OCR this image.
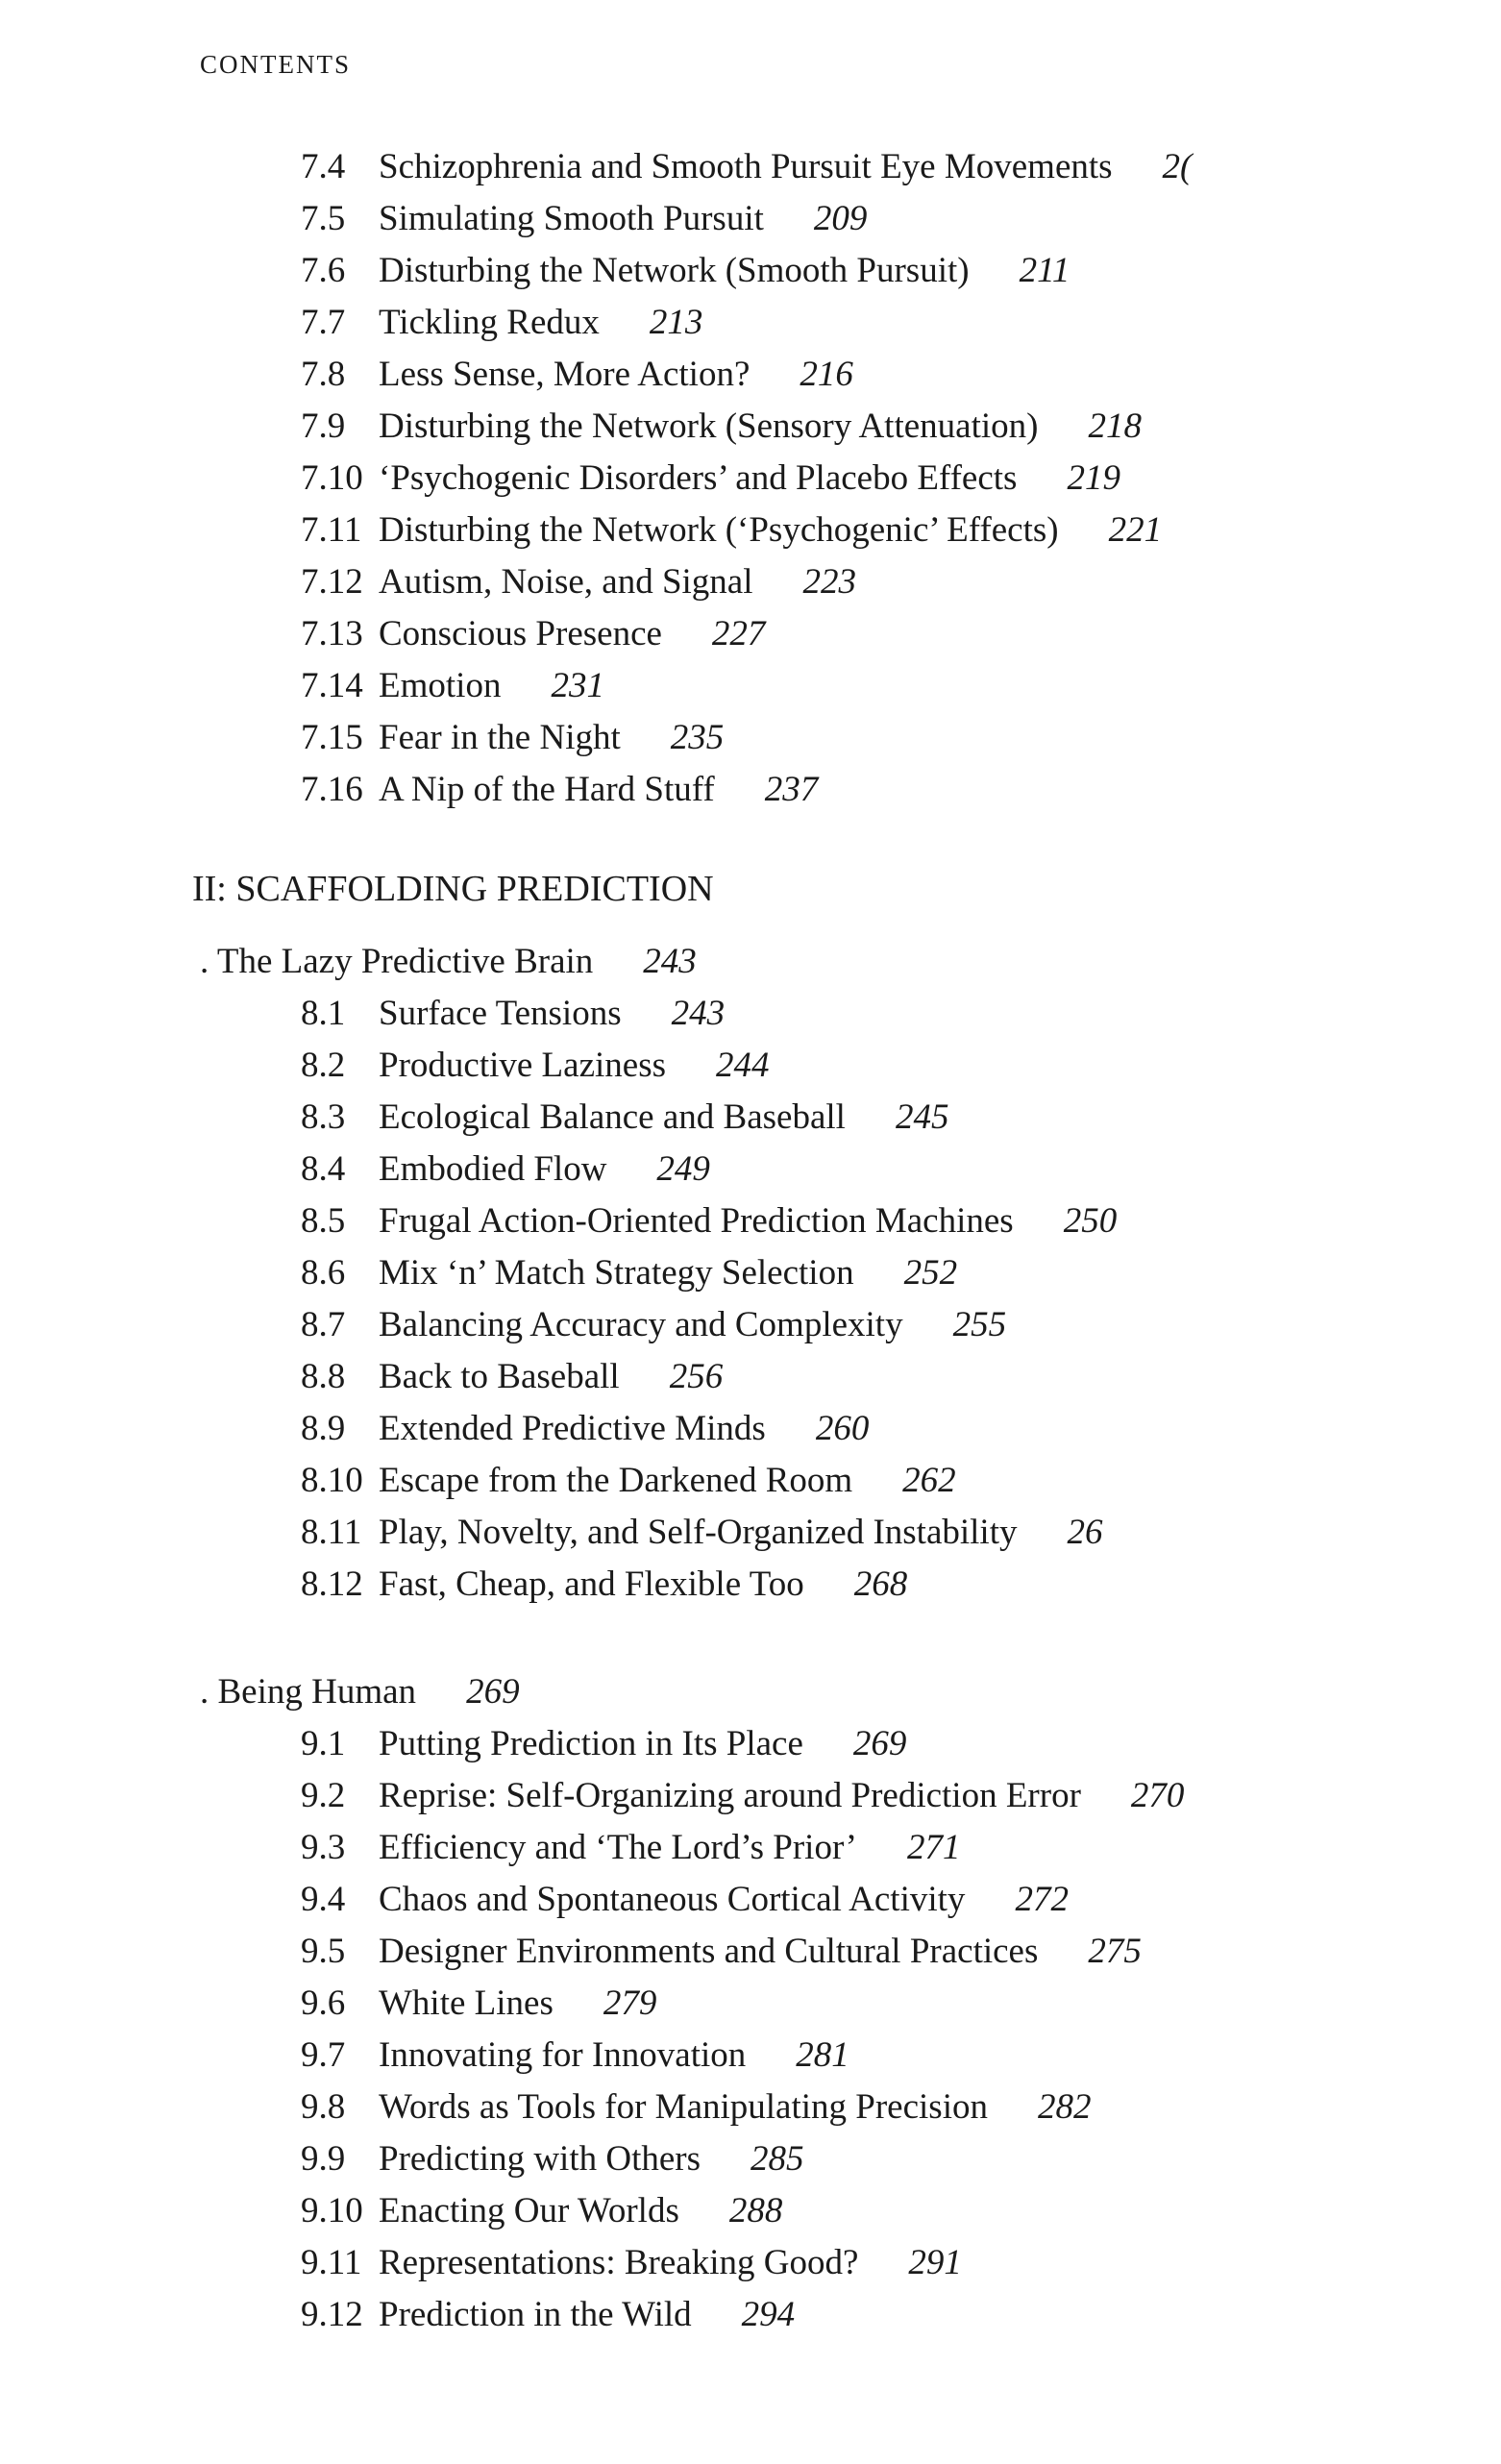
CONTENTS
7.4 Schizophrenia and Smooth Pursuit Eye Movements 2(
7.5 Simulating Smooth Pursuit 209
7.6 Disturbing the Network (Smooth Pursuit) 211
7.7 Tickling Redux 213
7.8 Less Sense, More Action? 216
7.9 Disturbing the Network (Sensory Attenuation) 218
7.10 ‘Psychogenic Disorders’ and Placebo Effects 219
7.11 Disturbing the Network (‘Psychogenic’ Effects) 221
7.12 Autism, Noise, and Signal 223
7.13 Conscious Presence 227
7.14 Emotion 231
7.15 Fear in the Night 235
7.16 A Nip of the Hard Stuff 237
II: SCAFFOLDING PREDICTION
. The Lazy Predictive Brain 243
8.1 Surface Tensions 243
8.2 Productive Laziness 244
8.3 Ecological Balance and Baseball 245
8.4 Embodied Flow 249
8.5 Frugal Action-Oriented Prediction Machines 250
8.6 Mix ‘n’ Match Strategy Selection 252
8.7 Balancing Accuracy and Complexity 255
8.8 Back to Baseball 256
8.9 Extended Predictive Minds 260
8.10 Escape from the Darkened Room 262
8.11 Play, Novelty, and Self-Organized Instability 26
8.12 Fast, Cheap, and Flexible Too 268
. Being Human 269
9.1 Putting Prediction in Its Place 269
9.2 Reprise: Self-Organizing around Prediction Error 270
9.3 Efficiency and ‘The Lord’s Prior’ 271
9.4 Chaos and Spontaneous Cortical Activity 272
9.5 Designer Environments and Cultural Practices 275
9.6 White Lines 279
9.7 Innovating for Innovation 281
9.8 Words as Tools for Manipulating Precision 282
9.9 Predicting with Others 285
9.10 Enacting Our Worlds 288
9.11 Representations: Breaking Good? 291
9.12 Prediction in the Wild 294
